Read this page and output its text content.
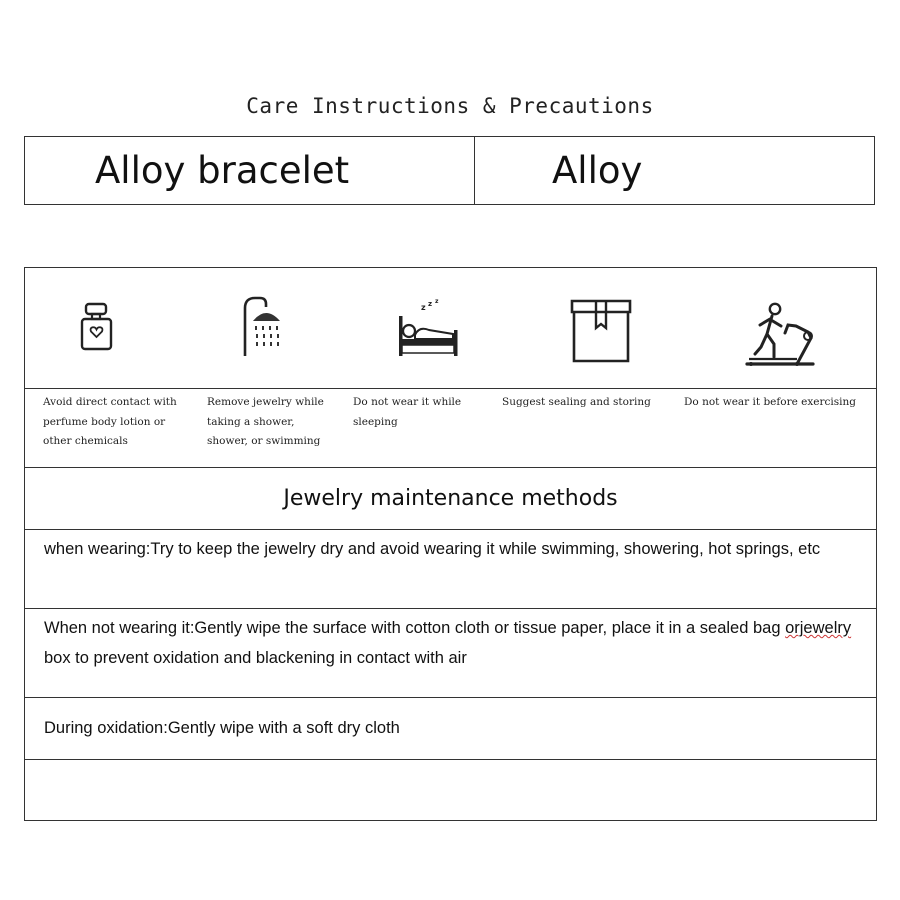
Care Instructions & Precautions
Alloy bracelet	Alloy
z z z
Avoid direct contact with
perfume body lotion or
other chemicals
Remove jewelry while
taking a shower,
shower, or swimming
Do not wear it while
sleeping
Suggest sealing and storing	Do not wear it before exercising
Jewelry maintenance methods
when wearing:Try to keep the jewelry dry and avoid wearing it while swimming, showering, hot springs, etc
When not wearing it:Gently wipe the surface with cotton cloth or tissue paper, place it in a sealed bag orjewelry box to prevent oxidation and blackening in contact with air
During oxidation:Gently wipe with a soft dry cloth
